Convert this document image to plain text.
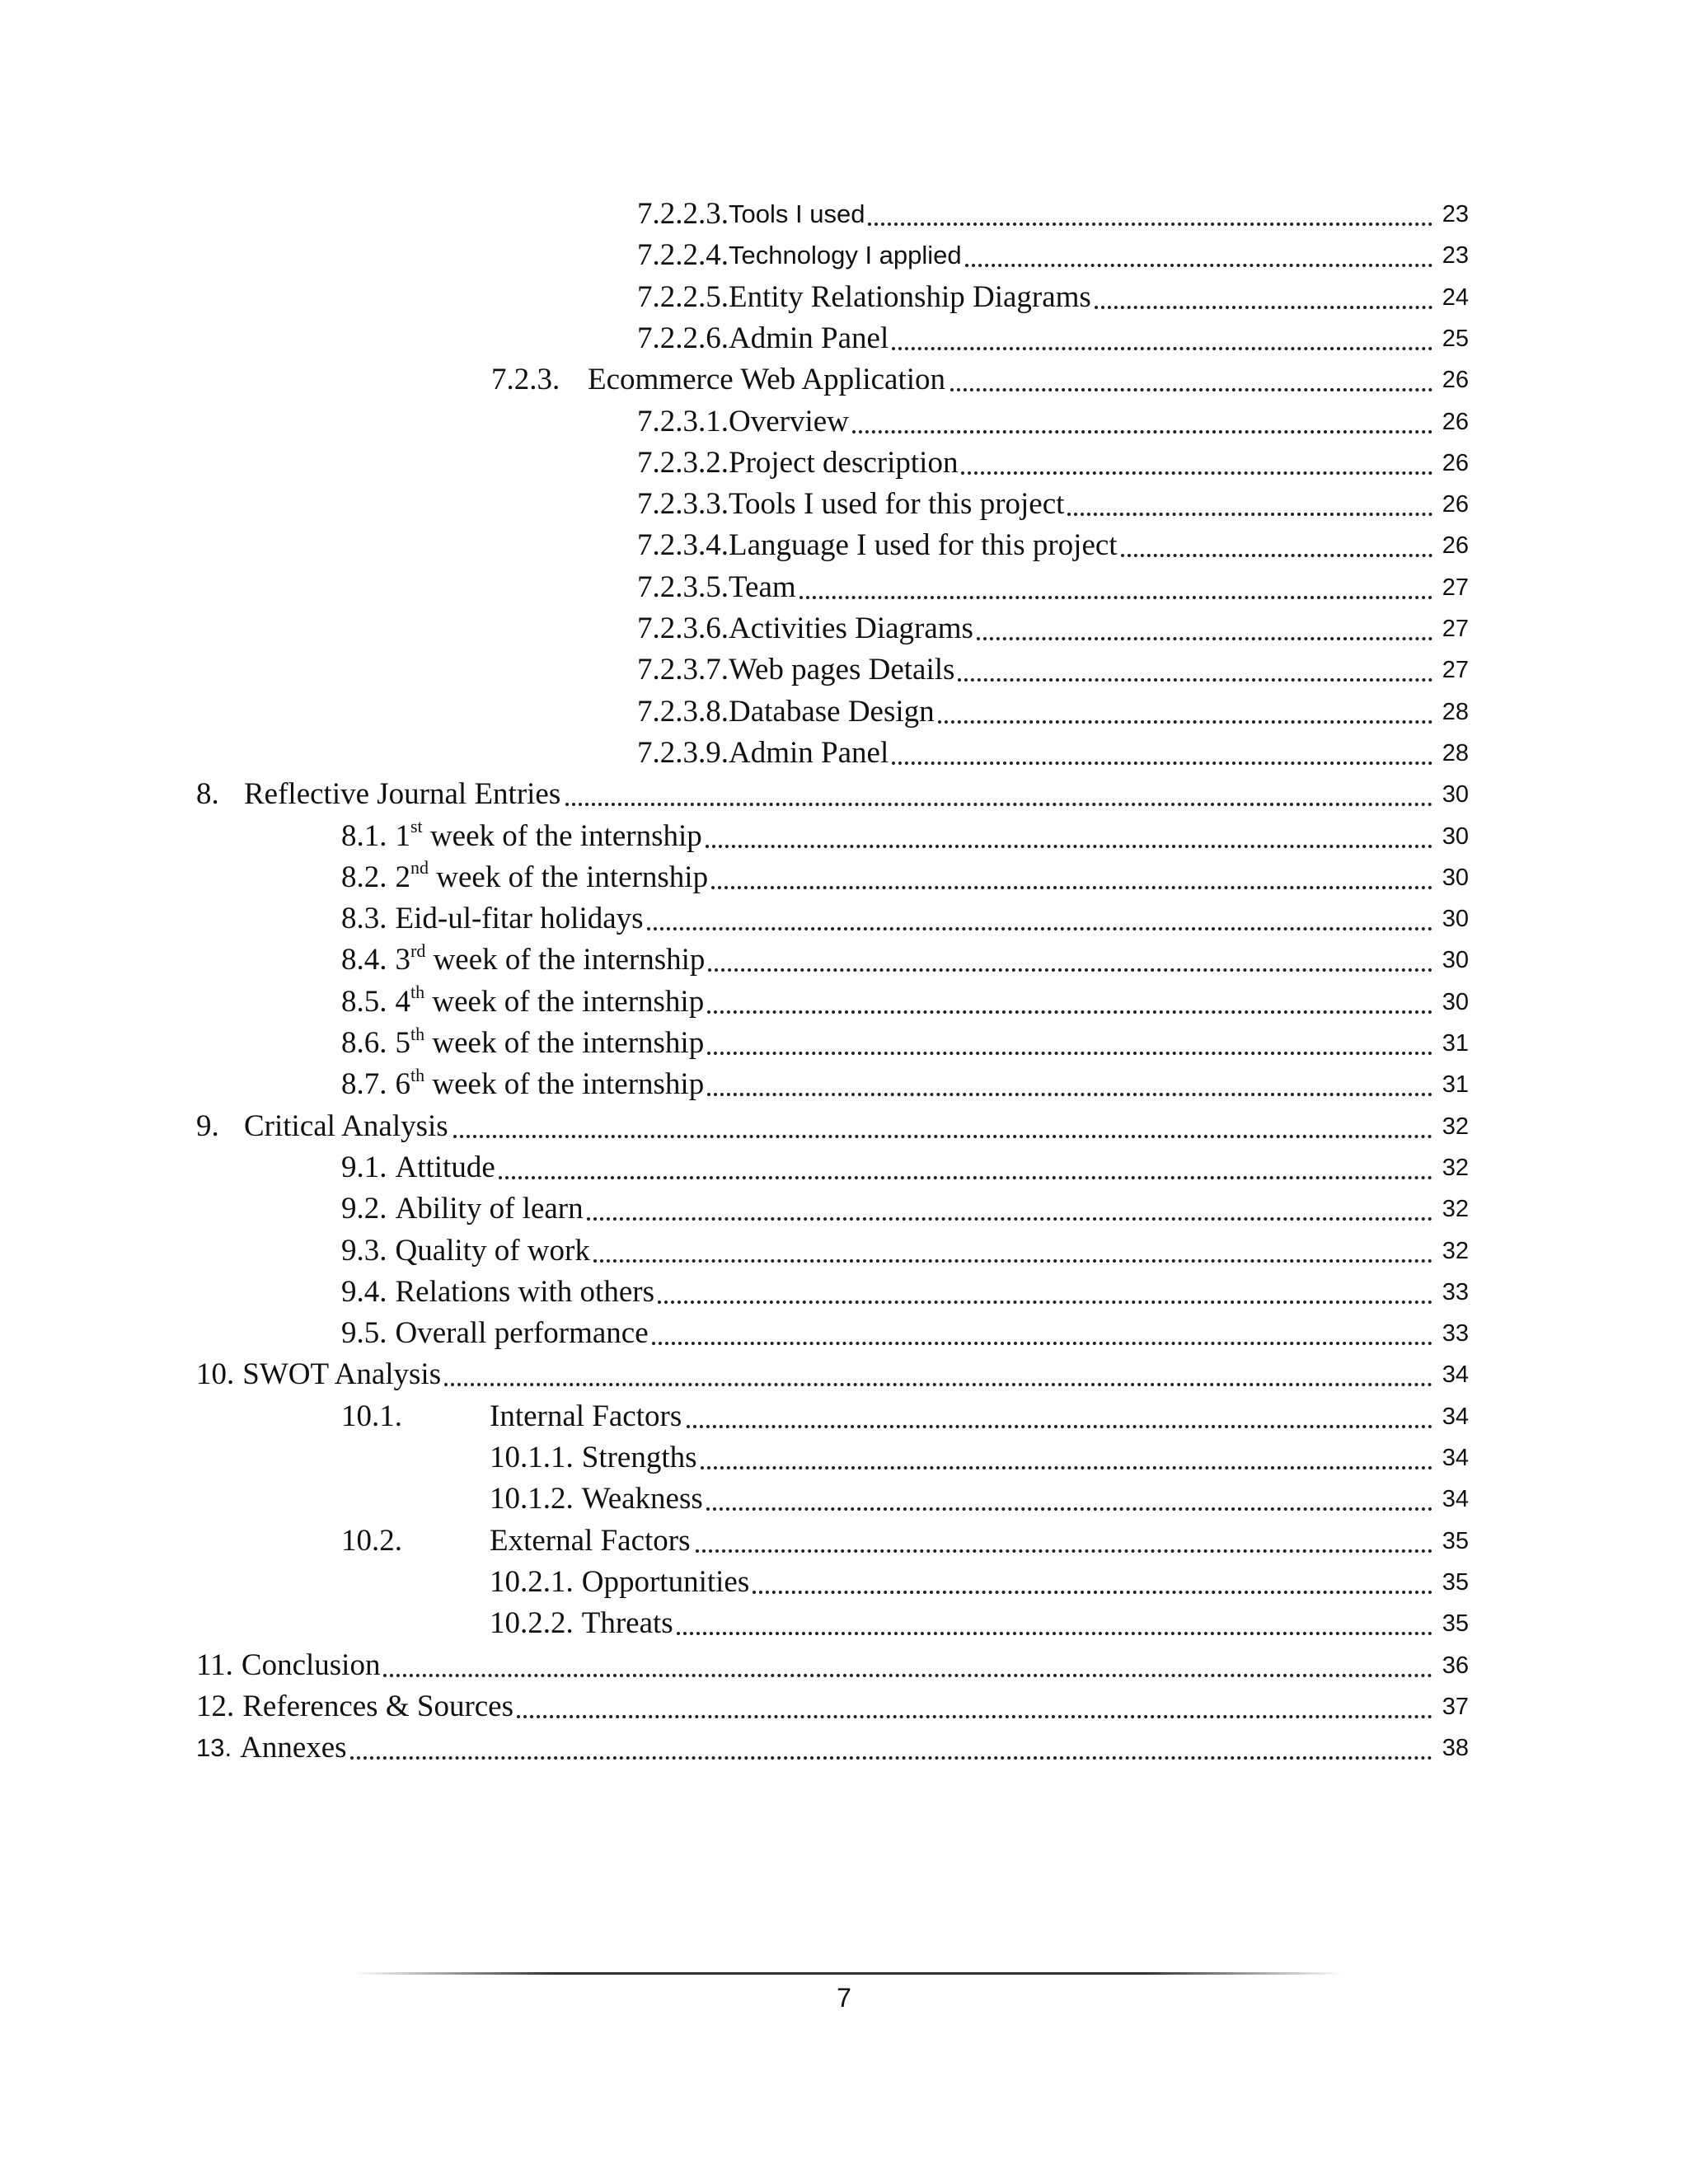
7.2.2.3. Tools I used	23
7.2.2.4. Technology I applied	23
7.2.2.5. Entity Relationship Diagrams	24
7.2.2.6. Admin Panel	25
7.2.3. Ecommerce Web Application	26
7.2.3.1. Overview	26
7.2.3.2. Project description	26
7.2.3.3. Tools I used for this project	26
7.2.3.4. Language I used for this project	26
7.2.3.5. Team	27
7.2.3.6. Activities Diagrams	27
7.2.3.7. Web pages Details	27
7.2.3.8. Database Design	28
7.2.3.9. Admin Panel	28
8. Reflective Journal Entries	30
8.1. 1st week of the internship	30
8.2. 2nd week of the internship	30
8.3. Eid-ul-fitar holidays	30
8.4. 3rd week of the internship	30
8.5. 4th week of the internship	30
8.6. 5th week of the internship	31
8.7. 6th week of the internship	31
9. Critical Analysis	32
9.1. Attitude	32
9.2. Ability of learn	32
9.3. Quality of work	32
9.4. Relations with others	33
9.5. Overall performance	33
10. SWOT Analysis	34
10.1.	Internal Factors	34
10.1.1. Strengths	34
10.1.2. Weakness	34
10.2.	External Factors	35
10.2.1. Opportunities	35
10.2.2. Threats	35
11. Conclusion	36
12. References & Sources	37
13. Annexes	38
7
